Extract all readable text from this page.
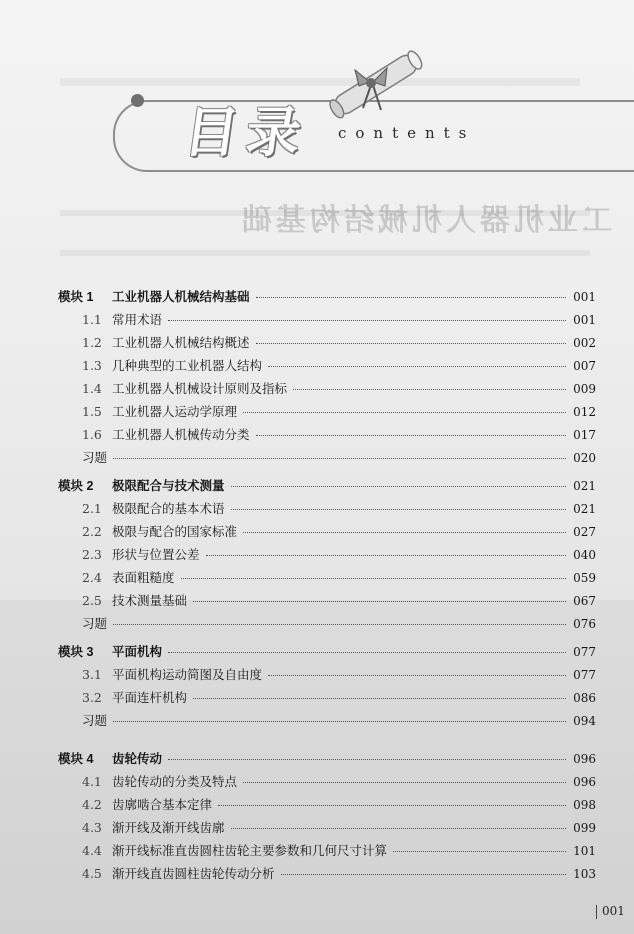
工业机器人机械结构基础
目录 contents
模块 1	工业机器人机械结构基础	001
1.1 常用术语	001
1.2 工业机器人机械结构概述	002
1.3 几种典型的工业机器人结构	007
1.4 工业机器人机械设计原则及指标	009
1.5 工业机器人运动学原理	012
1.6 工业机器人机械传动分类	017
习题	020
模块 2	极限配合与技术测量	021
2.1 极限配合的基本术语	021
2.2 极限与配合的国家标准	027
2.3 形状与位置公差	040
2.4 表面粗糙度	059
2.5 技术测量基础	067
习题	076
模块 3	平面机构	077
3.1 平面机构运动简图及自由度	077
3.2 平面连杆机构	086
习题	094
模块 4	齿轮传动	096
4.1 齿轮传动的分类及特点	096
4.2 齿廓啮合基本定律	098
4.3 渐开线及渐开线齿廓	099
4.4 渐开线标准直齿圆柱齿轮主要参数和几何尺寸计算	101
4.5 渐开线直齿圆柱齿轮传动分析	103
001
